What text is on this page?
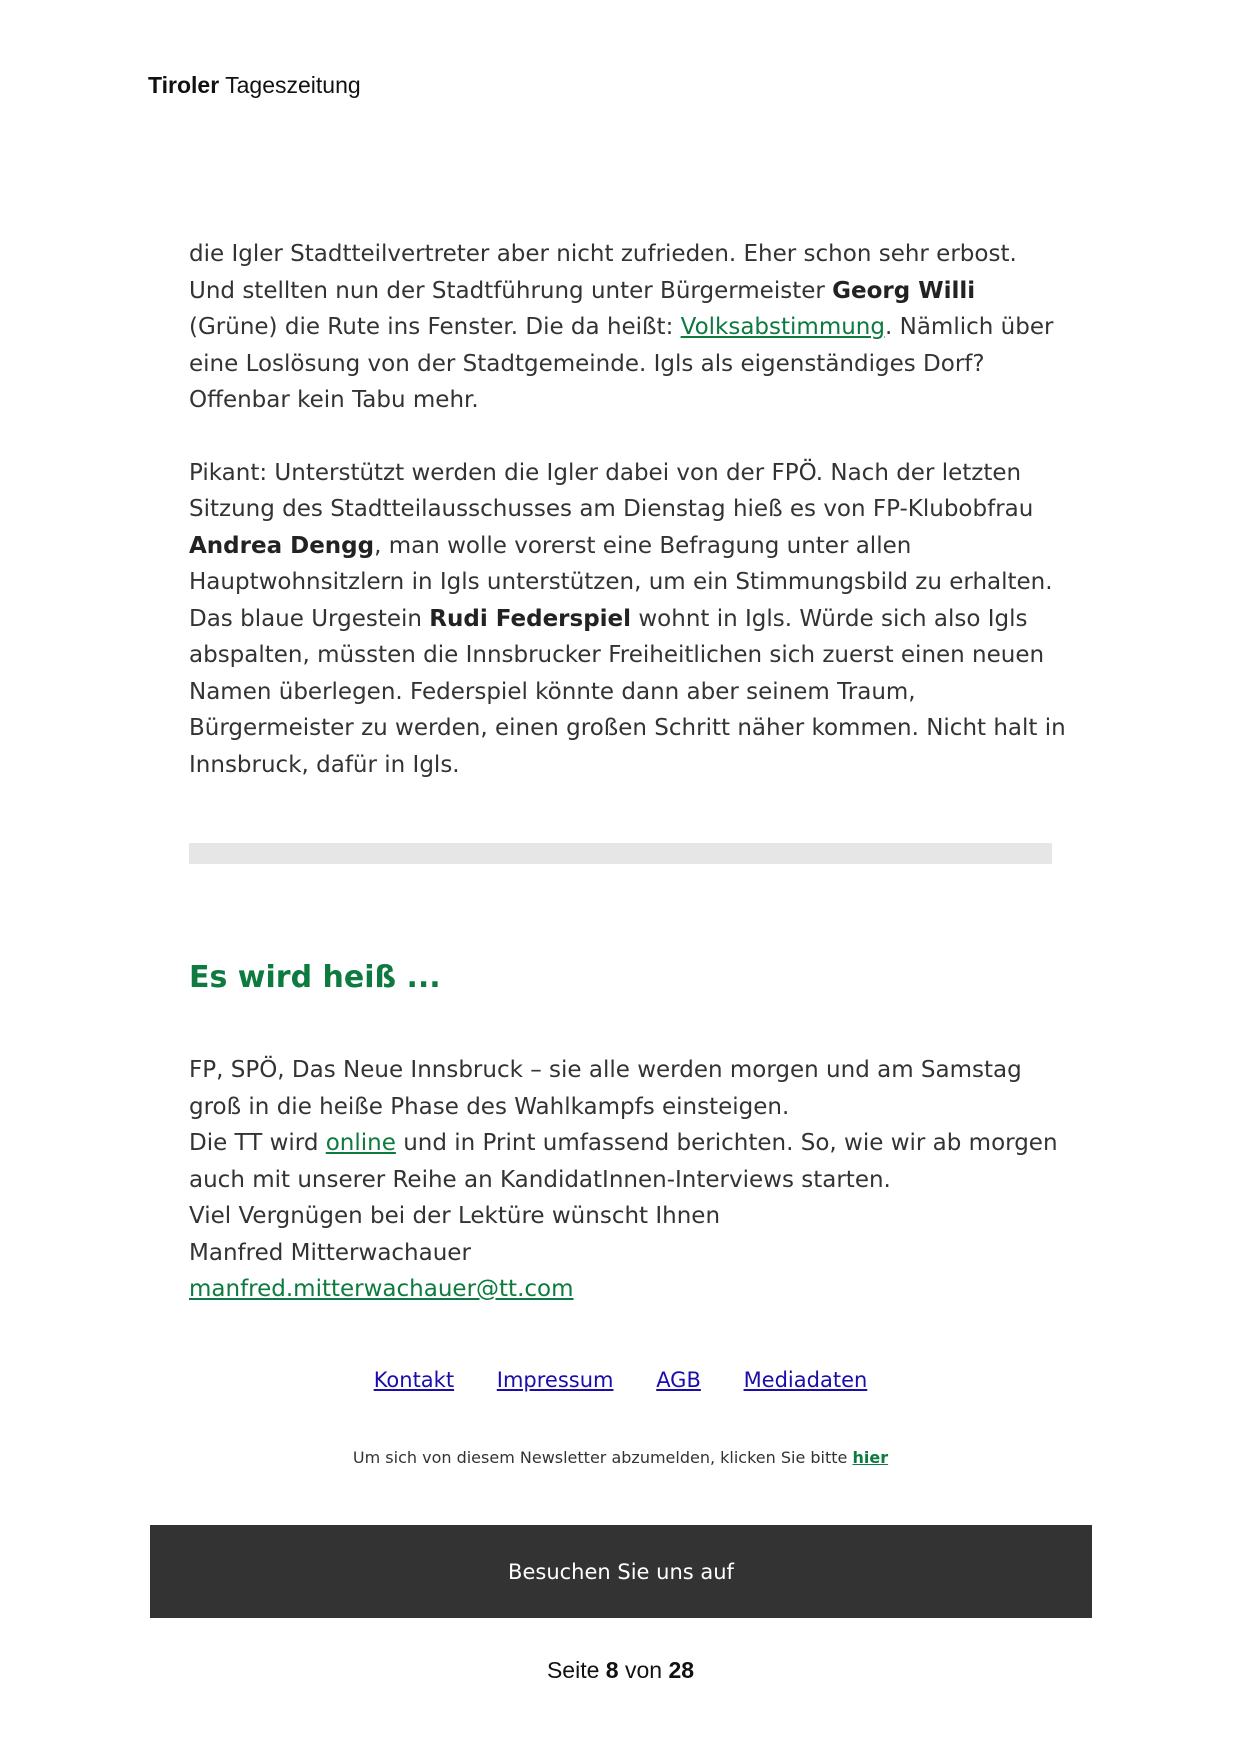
Tiroler Tageszeitung

die Igler Stadtteilvertreter aber nicht zufrieden. Eher schon sehr erbost. Und stellten nun der Stadtführung unter Bürgermeister Georg Willi (Grüne) die Rute ins Fenster. Die da heißt: Volksabstimmung. Nämlich über eine Loslösung von der Stadtgemeinde. Igls als eigenständiges Dorf? Offenbar kein Tabu mehr.

Pikant: Unterstützt werden die Igler dabei von der FPÖ. Nach der letzten Sitzung des Stadtteilausschusses am Dienstag hieß es von FP-Klubobfrau Andrea Dengg, man wolle vorerst eine Befragung unter allen Hauptwohnsitzlern in Igls unterstützen, um ein Stimmungsbild zu erhalten. Das blaue Urgestein Rudi Federspiel wohnt in Igls. Würde sich also Igls abspalten, müssten die Innsbrucker Freiheitlichen sich zuerst einen neuen Namen überlegen. Federspiel könnte dann aber seinem Traum, Bürgermeister zu werden, einen großen Schritt näher kommen. Nicht halt in Innsbruck, dafür in Igls.

Es wird heiß ...
FP, SPÖ, Das Neue Innsbruck – sie alle werden morgen und am Samstag
groß in die heiße Phase des Wahlkampfs einsteigen.
Die TT wird online und in Print umfassend berichten. So, wie wir ab morgen
auch mit unserer Reihe an KandidatInnen-Interviews starten.
Viel Vergnügen bei der Lektüre wünscht Ihnen
Manfred Mitterwachauer
manfred.mitterwachauer@tt.com
Kontakt Impressum AGB Mediadaten
Um sich von diesem Newsletter abzumelden, klicken Sie bitte hier
Besuchen Sie uns auf
Seite 8 von 28
